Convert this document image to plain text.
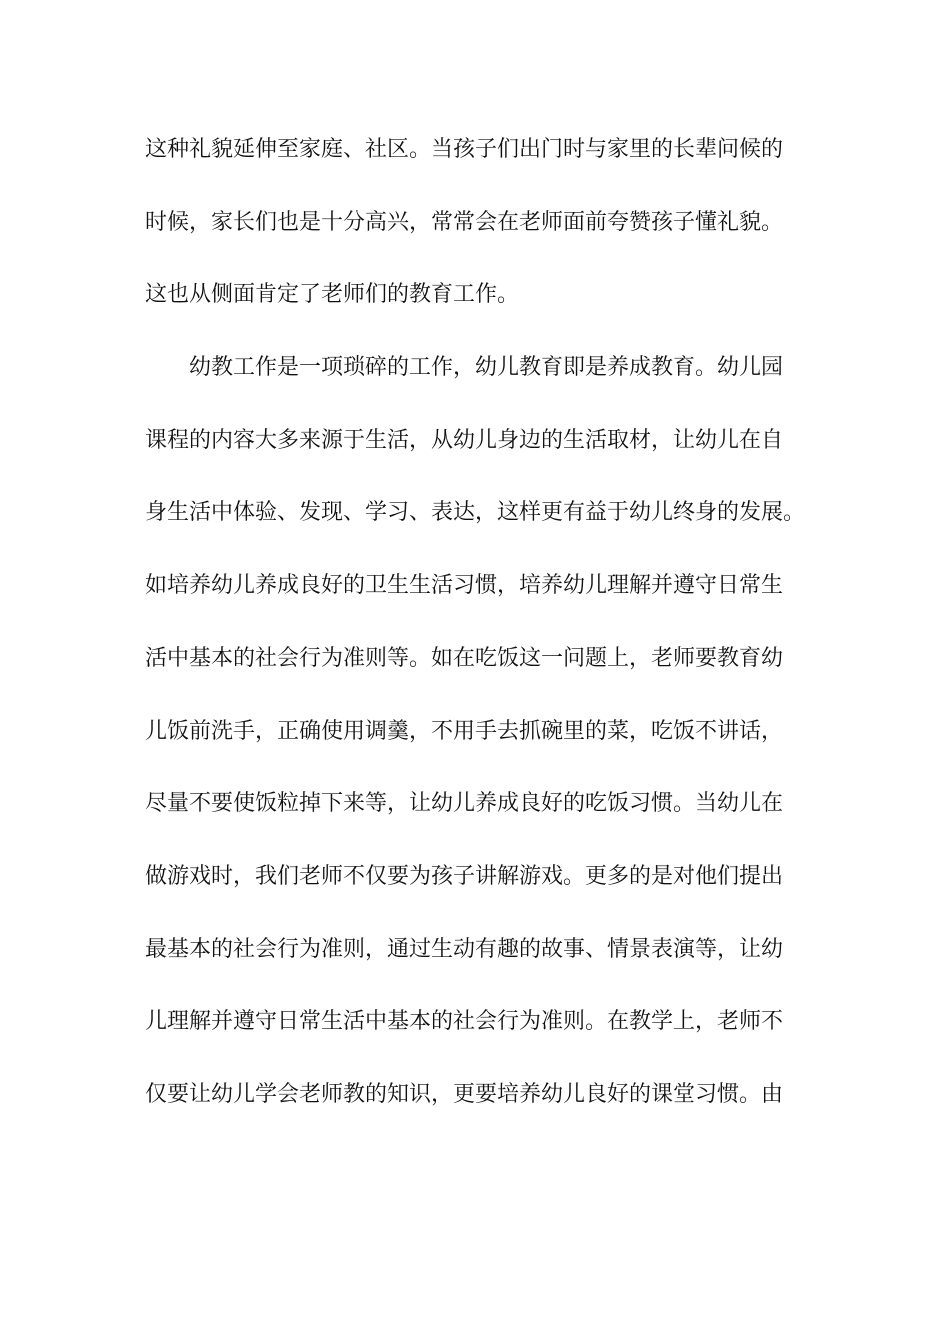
这种礼貌延伸至家庭、社区。当孩子们出门时与家里的长辈问候的
时候，家长们也是十分高兴，常常会在老师面前夸赞孩子懂礼貌。
这也从侧面肯定了老师们的教育工作。
幼教工作是一项琐碎的工作，幼儿教育即是养成教育。幼儿园
课程的内容大多来源于生活，从幼儿身边的生活取材，让幼儿在自
身生活中体验、发现、学习、表达，这样更有益于幼儿终身的发展。
如培养幼儿养成良好的卫生生活习惯，培养幼儿理解并遵守日常生
活中基本的社会行为准则等。如在吃饭这一问题上，老师要教育幼
儿饭前洗手，正确使用调羹，不用手去抓碗里的菜，吃饭不讲话，
尽量不要使饭粒掉下来等，让幼儿养成良好的吃饭习惯。当幼儿在
做游戏时，我们老师不仅要为孩子讲解游戏。更多的是对他们提出
最基本的社会行为准则，通过生动有趣的故事、情景表演等，让幼
儿理解并遵守日常生活中基本的社会行为准则。在教学上，老师不
仅要让幼儿学会老师教的知识，更要培养幼儿良好的课堂习惯。由
